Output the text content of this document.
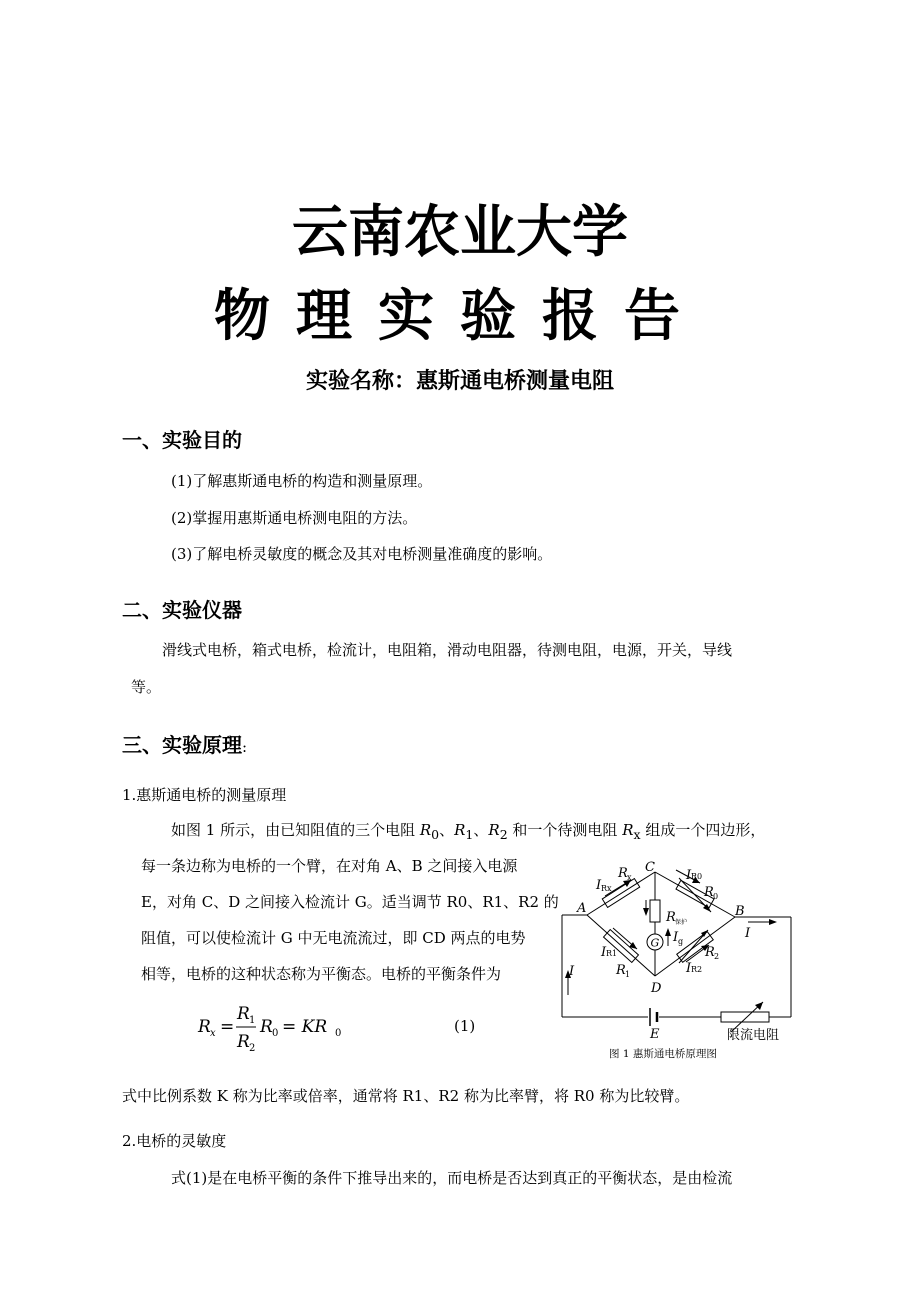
云南农业大学
物理实验报告
实验名称：惠斯通电桥测量电阻
一、实验目的
(1)了解惠斯通电桥的构造和测量原理。
(2)掌握用惠斯通电桥测电阻的方法。
(3)了解电桥灵敏度的概念及其对电桥测量准确度的影响。
二、实验仪器
滑线式电桥，箱式电桥，检流计，电阻箱，滑动电阻器，待测电阻，电源，开关，导线
等。
三、实验原理:
1.惠斯通电桥的测量原理
如图 1 所示，由已知阻值的三个电阻 $R_0$、$R_1$、$R_2$ 和一个待测电阻 $R_x$ 组成一个四边形，
每一条边称为电桥的一个臂，在对角 A、B 之间接入电源
E，对角 C、D 之间接入检流计 G。适当调节 R0、R1、R2 的
阻值，可以使检流计 G 中无电流流过，即 CD 两点的电势
相等，电桥的这种状态称为平衡态。电桥的平衡条件为
R x =
R 1
R 2
R 0 = KR 0	(1)
A	B
C
D
E
I
I
G
R x
I Rx
I R0
R 0
R 保护
I g
I R1
R 1
R 2
I R2
限流电阻
图 1 惠斯通电桥原理图
式中比例系数 K 称为比率或倍率，通常将 R1、R2 称为比率臂，将 R0 称为比较臂。
2.电桥的灵敏度
式(1)是在电桥平衡的条件下推导出来的，而电桥是否达到真正的平衡状态，是由检流
